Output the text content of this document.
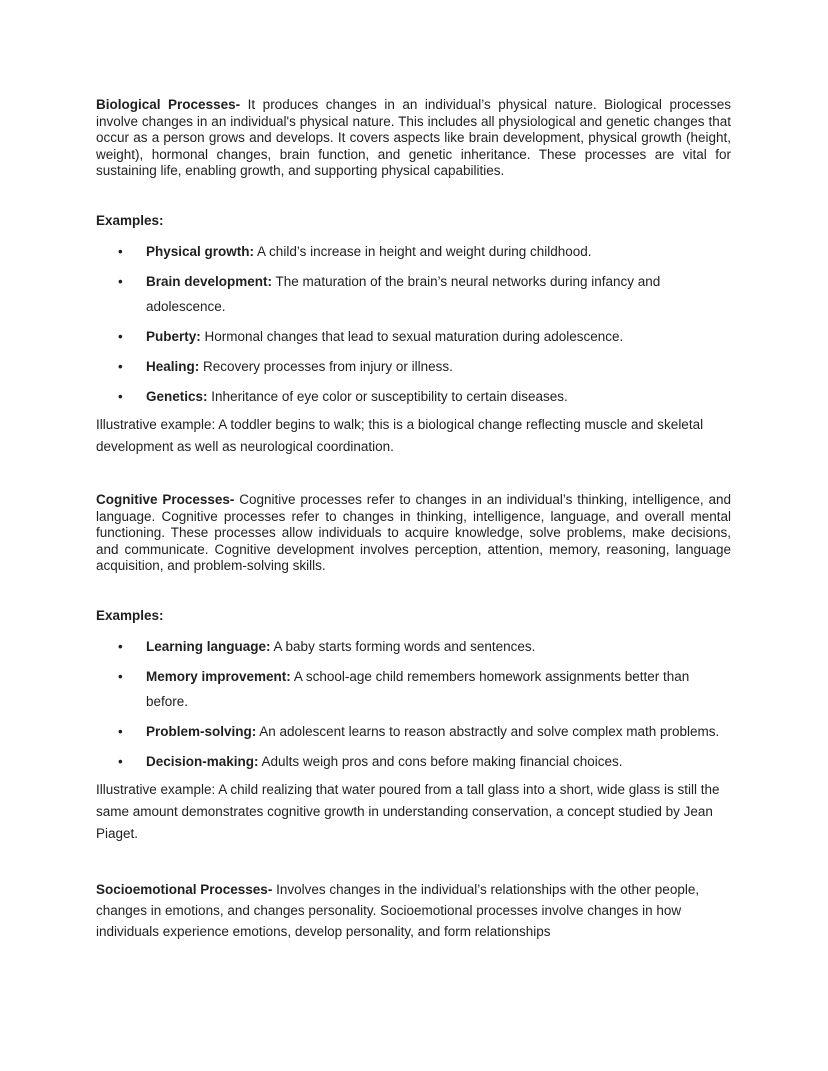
Biological Processes- It produces changes in an individual’s physical nature. Biological processes involve changes in an individual's physical nature. This includes all physiological and genetic changes that occur as a person grows and develops. It covers aspects like brain development, physical growth (height, weight), hormonal changes, brain function, and genetic inheritance. These processes are vital for sustaining life, enabling growth, and supporting physical capabilities.

Examples:

• Physical growth: A child’s increase in height and weight during childhood.
• Brain development: The maturation of the brain’s neural networks during infancy and adolescence.
• Puberty: Hormonal changes that lead to sexual maturation during adolescence.
• Healing: Recovery processes from injury or illness.
• Genetics: Inheritance of eye color or susceptibility to certain diseases.

Illustrative example: A toddler begins to walk; this is a biological change reflecting muscle and skeletal development as well as neurological coordination.

Cognitive Processes- Cognitive processes refer to changes in an individual’s thinking, intelligence, and language. Cognitive processes refer to changes in thinking, intelligence, language, and overall mental functioning. These processes allow individuals to acquire knowledge, solve problems, make decisions, and communicate. Cognitive development involves perception, attention, memory, reasoning, language acquisition, and problem-solving skills.

Examples:

• Learning language: A baby starts forming words and sentences.
• Memory improvement: A school-age child remembers homework assignments better than before.
• Problem-solving: An adolescent learns to reason abstractly and solve complex math problems.
• Decision-making: Adults weigh pros and cons before making financial choices.

Illustrative example: A child realizing that water poured from a tall glass into a short, wide glass is still the same amount demonstrates cognitive growth in understanding conservation, a concept studied by Jean Piaget.

Socioemotional Processes- Involves changes in the individual’s relationships with the other people, changes in emotions, and changes personality. Socioemotional processes involve changes in how individuals experience emotions, develop personality, and form relationships
